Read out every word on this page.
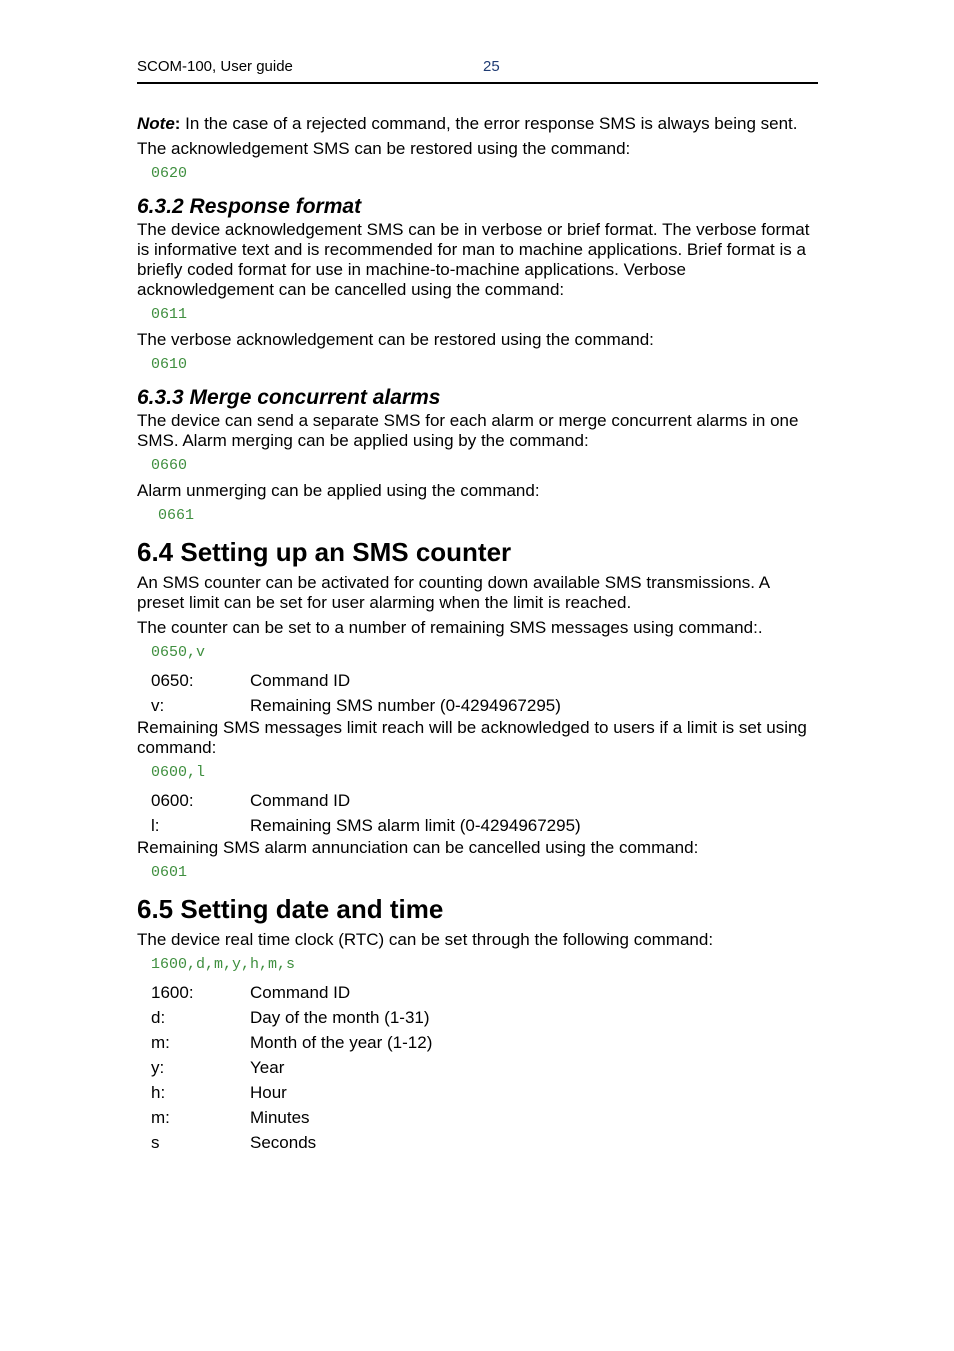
SCOM-100, User guide	25

Note: In the case of a rejected command, the error response SMS is always being sent.

The acknowledgement SMS can be restored using the command:

0620
6.3.2 Response format

The device acknowledgement SMS can be in verbose or brief format. The verbose format is informative text and is recommended for man to machine applications. Brief format is a briefly coded format for use in machine-to-machine applications. Verbose acknowledgement can be cancelled using the command:

0611

The verbose acknowledgement can be restored using the command:

0610
6.3.3 Merge concurrent alarms

The device can send a separate SMS for each alarm or merge concurrent alarms in one SMS. Alarm merging can be applied using by the command:

0660

Alarm unmerging can be applied using the command:

0661
6.4 Setting up an SMS counter

An SMS counter can be activated for counting down available SMS transmissions. A preset limit can be set for user alarming when the limit is reached.

The counter can be set to a number of remaining SMS messages using command:.

0650,v
0650:	Command ID
v:	Remaining SMS number (0-4294967295)

Remaining SMS messages limit reach will be acknowledged to users if a limit is set using command:

0600,l
0600:	Command ID
l:	Remaining SMS alarm limit (0-4294967295)

Remaining SMS alarm annunciation can be cancelled using the command:

0601
6.5 Setting date and time

The device real time clock (RTC) can be set through the following command:

1600,d,m,y,h,m,s
1600:	Command ID
d:	Day of the month (1-31)
m:	Month of the year (1-12)
y:	Year
h:	Hour
m:	Minutes
s	Seconds
